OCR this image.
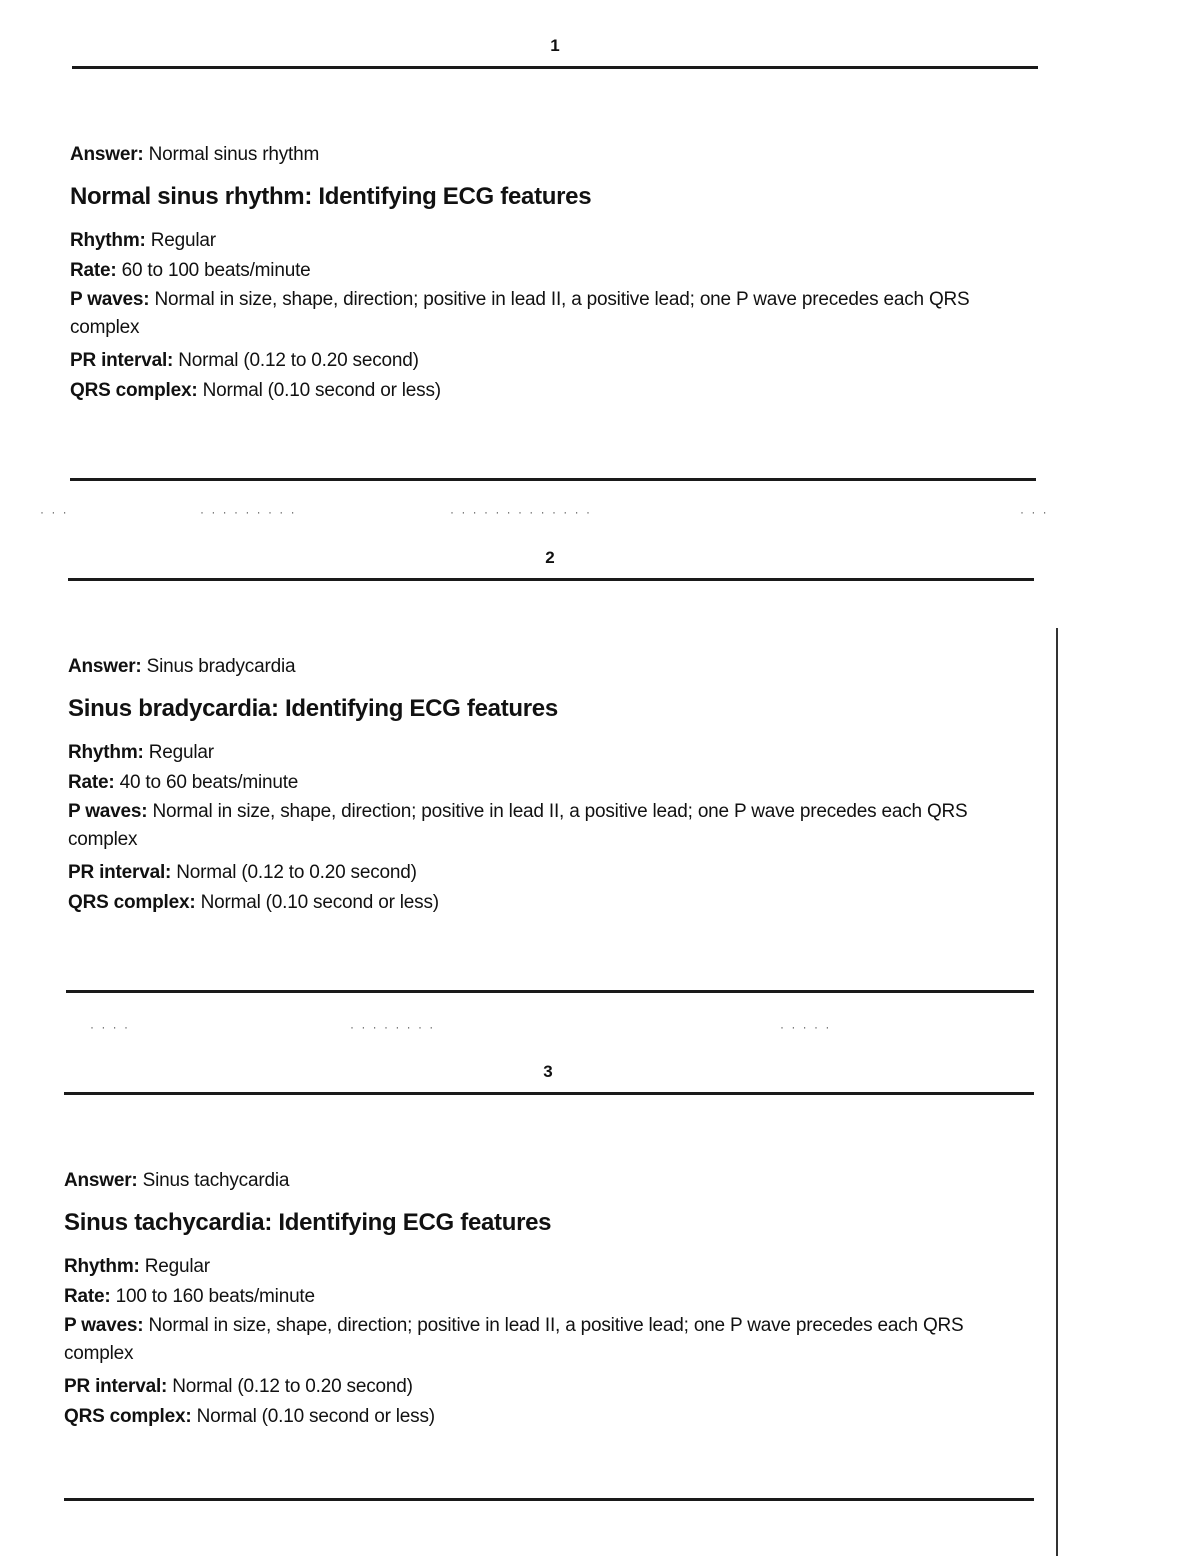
1
Answer: Normal sinus rhythm
Normal sinus rhythm: Identifying ECG features
Rhythm: Regular
Rate: 60 to 100 beats/minute
P waves: Normal in size, shape, direction; positive in lead II, a positive lead; one P wave precedes each QRS complex
PR interval: Normal (0.12 to 0.20 second)
QRS complex: Normal (0.10 second or less)
· · ·	· · · · · · · · ·	· · · · · · · · · · · · ·	· · ·
2
Answer: Sinus bradycardia
Sinus bradycardia: Identifying ECG features
Rhythm: Regular
Rate: 40 to 60 beats/minute
P waves: Normal in size, shape, direction; positive in lead II, a positive lead; one P wave precedes each QRS complex
PR interval: Normal (0.12 to 0.20 second)
QRS complex: Normal (0.10 second or less)
· · · ·	· · · · · · · ·	· · · · ·
3
Answer: Sinus tachycardia
Sinus tachycardia: Identifying ECG features
Rhythm: Regular
Rate: 100 to 160 beats/minute
P waves: Normal in size, shape, direction; positive in lead II, a positive lead; one P wave precedes each QRS complex
PR interval: Normal (0.12 to 0.20 second)
QRS complex: Normal (0.10 second or less)
